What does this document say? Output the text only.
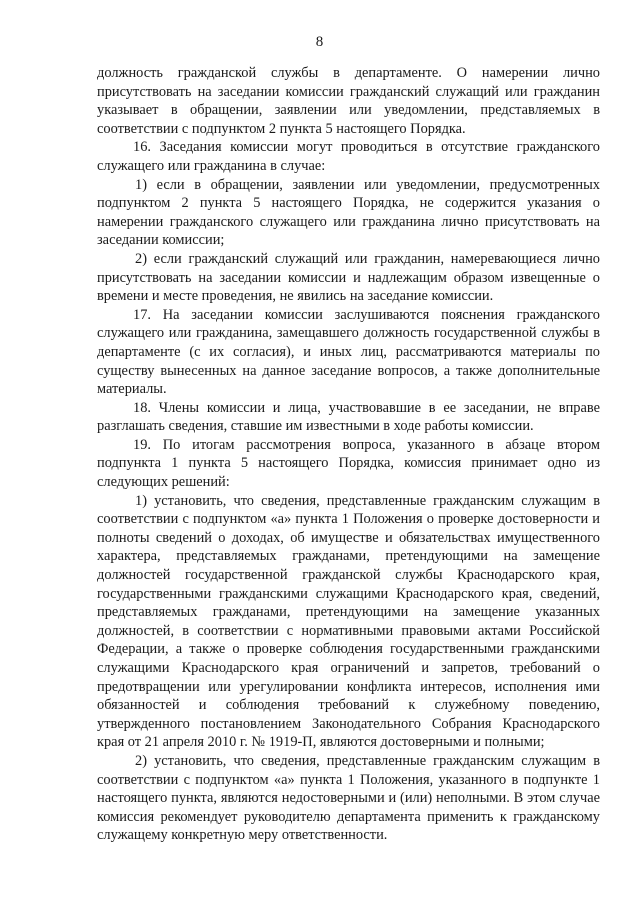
8

должность гражданской службы в департаменте. О намерении лично присутствовать на заседании комиссии гражданский служащий или гражданин указывает в обращении, заявлении или уведомлении, представляемых в соответствии с подпунктом 2 пункта 5 настоящего Порядка.

16. Заседания комиссии могут проводиться в отсутствие гражданского служащего или гражданина в случае:

1) если в обращении, заявлении или уведомлении, предусмотренных подпунктом 2 пункта 5 настоящего Порядка, не содержится указания о намерении гражданского служащего или гражданина лично присутствовать на заседании комиссии;

2) если гражданский служащий или гражданин, намеревающиеся лично присутствовать на заседании комиссии и надлежащим образом извещенные о времени и месте проведения, не явились на заседание комиссии.

17. На заседании комиссии заслушиваются пояснения гражданского служащего или гражданина, замещавшего должность государственной службы в департаменте (с их согласия), и иных лиц, рассматриваются материалы по существу вынесенных на данное заседание вопросов, а также дополнительные материалы.

18. Члены комиссии и лица, участвовавшие в ее заседании, не вправе разглашать сведения, ставшие им известными в ходе работы комиссии.

19. По итогам рассмотрения вопроса, указанного в абзаце втором подпункта 1 пункта 5 настоящего Порядка, комиссия принимает одно из следующих решений:

1) установить, что сведения, представленные гражданским служащим в соответствии с подпунктом «а» пункта 1 Положения о проверке достоверности и полноты сведений о доходах, об имуществе и обязательствах имущественного характера, представляемых гражданами, претендующими на замещение должностей государственной гражданской службы Краснодарского края, государственными гражданскими служащими Краснодарского края, сведений, представляемых гражданами, претендующими на замещение указанных должностей, в соответствии с нормативными правовыми актами Российской Федерации, а также о проверке соблюдения государственными гражданскими служащими Краснодарского края ограничений и запретов, требований о предотвращении или урегулировании конфликта интересов, исполнения ими обязанностей и соблюдения требований к служебному поведению, утвержденного постановлением Законодательного Собрания Краснодарского края от 21 апреля 2010 г. № 1919-П, являются достоверными и полными;

2) установить, что сведения, представленные гражданским служащим в соответствии с подпунктом «а» пункта 1 Положения, указанного в подпункте 1 настоящего пункта, являются недостоверными и (или) неполными. В этом случае комиссия рекомендует руководителю департамента применить к гражданскому служащему конкретную меру ответственности.
